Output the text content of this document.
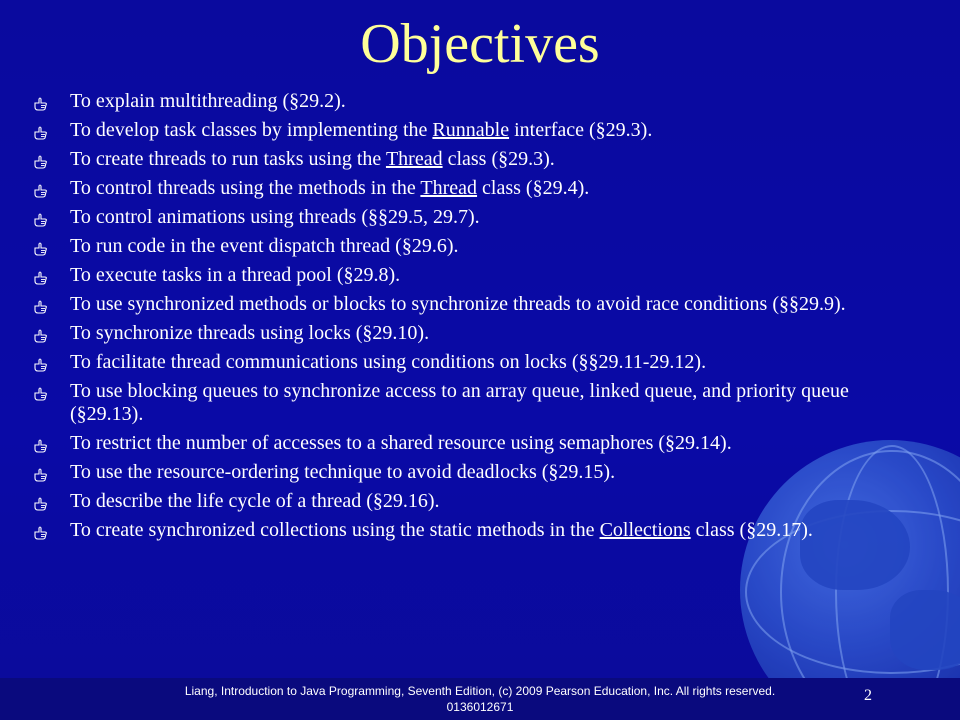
Objectives
To explain multithreading (§29.2).
To develop task classes by implementing the Runnable interface (§29.3).
To create threads to run tasks using the Thread class (§29.3).
To control threads using the methods in the Thread class (§29.4).
To control animations using threads (§§29.5, 29.7).
To run code in the event dispatch thread (§29.6).
To execute tasks in a thread pool (§29.8).
To use synchronized methods or blocks to synchronize threads to avoid race conditions (§§29.9).
To synchronize threads using locks (§29.10).
To facilitate thread communications using conditions on locks (§§29.11-29.12).
To use blocking queues to synchronize access to an array queue, linked queue, and priority queue (§29.13).
To restrict the number of accesses to a shared resource using semaphores (§29.14).
To use the resource-ordering technique to avoid deadlocks (§29.15).
To describe the life cycle of a thread (§29.16).
To create synchronized collections using the static methods in the Collections class (§29.17).
Liang, Introduction to Java Programming, Seventh Edition, (c) 2009 Pearson Education, Inc. All rights reserved. 0136012671
2
